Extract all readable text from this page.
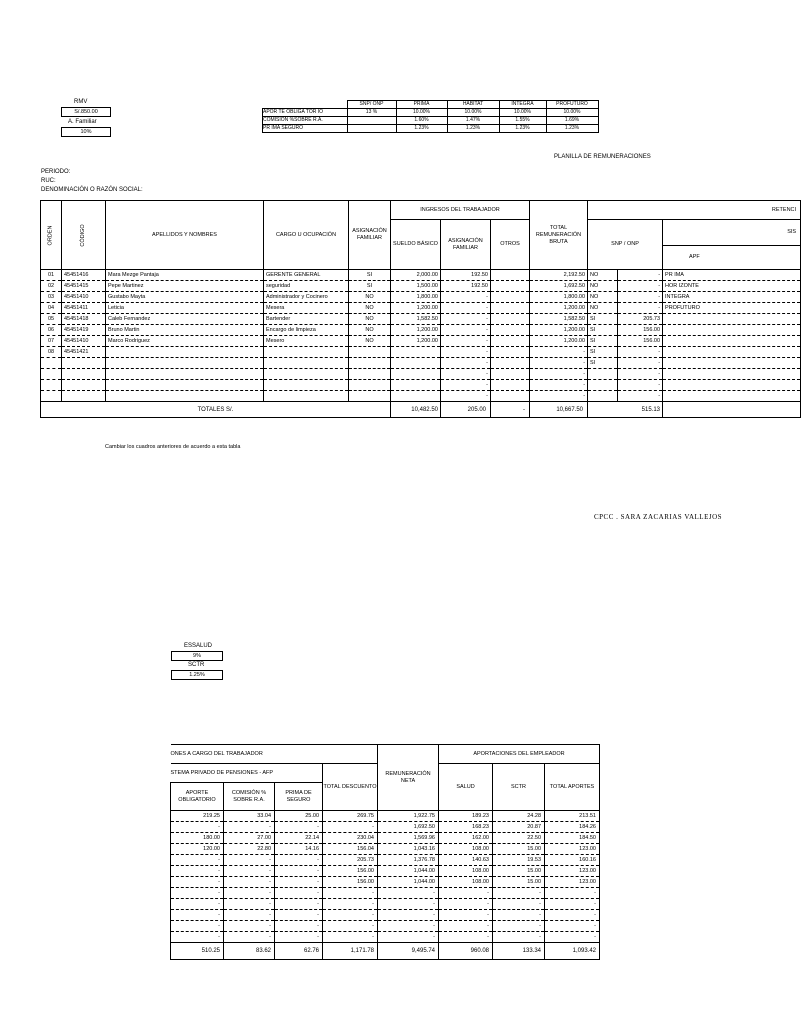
RMV
S/.850.00
A. Familiar
10%
	SNP/ ONP	PRIMA	HABITAT	INTEGRA	PROFUTURO
APOR TE OBLIGA TOR IO	13 %	10.00%	10.00%	10.00%	10.00%
COMISION %SOBRE R.A.		1.60%	1.47%	1.55%	1.69%
PR IMA SEGURO		1.23%	1.23%	1.23%	1.23%
PLANILLA DE REMUNERACIONES
PERIODO:
RUC:
DENOMINACIÓN O RAZÓN SOCIAL:
ORDEN	CÓDIGO	APELLIDOS Y NOMBRES	CARGO U OCUPACIÓN	ASIGNACIÓN FAMILIAR	INGRESOS DEL TRABAJADOR			TOTAL REMUNERACIÓN BRUTA	RETENCI		
					SUELDO BÁSICO	ASIGNACIÓN FAMILIAR	OTROS		SNP / ONP		SIS
											APF
01	45451416	Mara Mezge Pantaja	GERENTE GENERAL	SI	2,000.00	192.50		2,192.50	NO	-	PR IMA
02	45451415	Pepe Martinez	seguridad	SI	1,500.00	192.50		1,692.50	NO	-	HOR IZONTE
03	45451410	Gustabo Mayta	Administrador y Cocinero	NO	1,800.00	-		1,800.00	NO	-	INTEGRA
04	45451411	Leticia	Mesera	NO	1,200.00	-		1,200.00	NO	-	PROFUTURO
05	45451418	Caleb Fernandez	Bartender	NO	1,582.50	-		1,582.50	SI	205.73	
06	45451419	Bruno Martin	Encargo de limpieza	NO	1,200.00	-		1,200.00	SI	156.00	
07	45451410	Marco Rodriguez	Mesero	NO	1,200.00	-		1,200.00	SI	156.00	
08	45451421					-		-	SI	-	
						-		-	SI	-	
						-		-		-	
						-		-		-	
						-		-		-	
TOTALES S/.					10,482.50	205.00	-	10,667.50	515.13		
Cambiar los cuadros anteriores de acuerdo a esta tabla
CPCC . SARA ZACARIAS VALLEJOS
ESSALUD
9%
SCTR
1.25%
ONES A CARGO DEL TRABAJADOR				REMUNERACIÓN NETA	APORTACIONES DEL EMPLEADOR		
STEMA PRIVADO DE PENSIONES - AFP			TOTAL DESCUENTO		SALUD	SCTR	TOTAL APORTES
APORTE OBLIGATORIO	COMISIÓN % SOBRE R.A.	PRIMA DE SEGURO					
219.25	33.04	25.00	269.75	1,922.75	189.23	24.28	213.51
-	-	-	-	1,692.50	168.23	20.87	184.26
180.00	27.00	22.14	230.04	1,569.96	162.00	22.50	184.50
120.00	22.80	14.16	156.04	1,043.16	108.00	15.00	123.00
-	-	-	205.73	1,376.78	140.63	19.53	160.16
-	-	-	156.00	1,044.00	108.00	15.00	123.00
-	-	-	156.00	1,044.00	108.00	15.00	123.00
-	-	-	-	-	-	-	-
-	-	-	-	-	-	-	-
-	-	-	-	-	-	-	-
-	-	-	-	-	-	-	-
-	-	-	-	-	-	-	-
510.25	83.62	62.76	1,171.78	9,495.74	960.08	133.34	1,093.42
